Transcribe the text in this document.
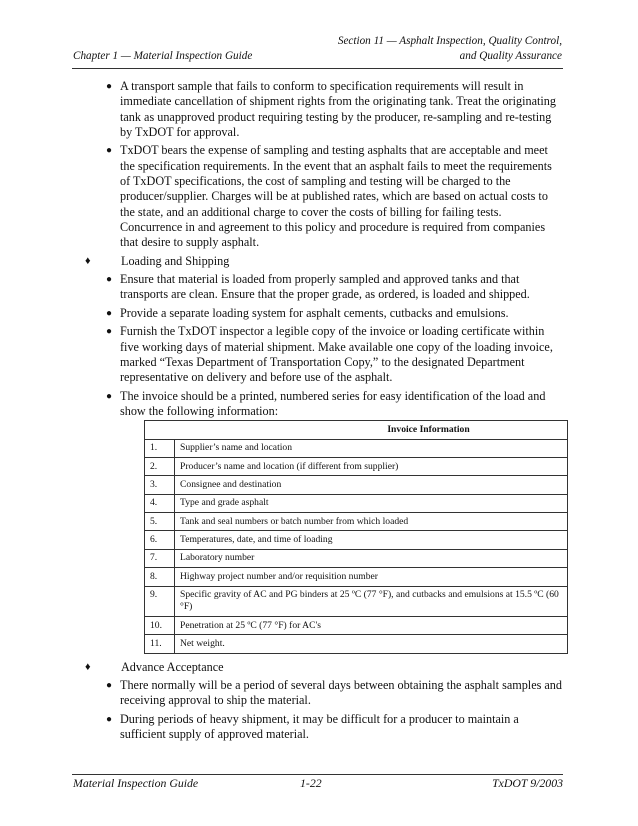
Section 11 — Asphalt Inspection, Quality Control,
and Quality Assurance
Chapter 1 — Material Inspection Guide
● A transport sample that fails to conform to specification requirements will result in immediate cancellation of shipment rights from the originating tank. Treat the originating tank as unapproved product requiring testing by the producer, re-sampling and re-testing by TxDOT for approval.
● TxDOT bears the expense of sampling and testing asphalts that are acceptable and meet the specification requirements. In the event that an asphalt fails to meet the requirements of TxDOT specifications, the cost of sampling and testing will be charged to the producer/supplier. Charges will be at published rates, which are based on actual costs to the state, and an additional charge to cover the costs of billing for failing tests. Concurrence in and agreement to this policy and procedure is required from companies that desire to supply asphalt.
♦ Loading and Shipping
● Ensure that material is loaded from properly sampled and approved tanks and that transports are clean. Ensure that the proper grade, as ordered, is loaded and shipped.
● Provide a separate loading system for asphalt cements, cutbacks and emulsions.
● Furnish the TxDOT inspector a legible copy of the invoice or loading certificate within five working days of material shipment. Make available one copy of the loading invoice, marked “Texas Department of Transportation Copy,” to the designated Department representative on delivery and before use of the asphalt.
● The invoice should be a printed, numbered series for easy identification of the load and show the following information:
Invoice Information	
1.	Supplier’s name and location
2.	Producer’s name and location (if different from supplier)
3.	Consignee and destination
4.	Type and grade asphalt
5.	Tank and seal numbers or batch number from which loaded
6.	Temperatures, date, and time of loading
7.	Laboratory number
8.	Highway project number and/or requisition number
9.	Specific gravity of AC and PG binders at 25 ºC (77 °F), and cutbacks and emulsions at 15.5 ºC (60 °F)
10.	Penetration at 25 ºC (77 °F) for AC's
11.	Net weight.
♦ Advance Acceptance
● There normally will be a period of several days between obtaining the asphalt samples and receiving approval to ship the material.
● During periods of heavy shipment, it may be difficult for a producer to maintain a sufficient supply of approved material.
Material Inspection Guide	1-22	TxDOT 9/2003
